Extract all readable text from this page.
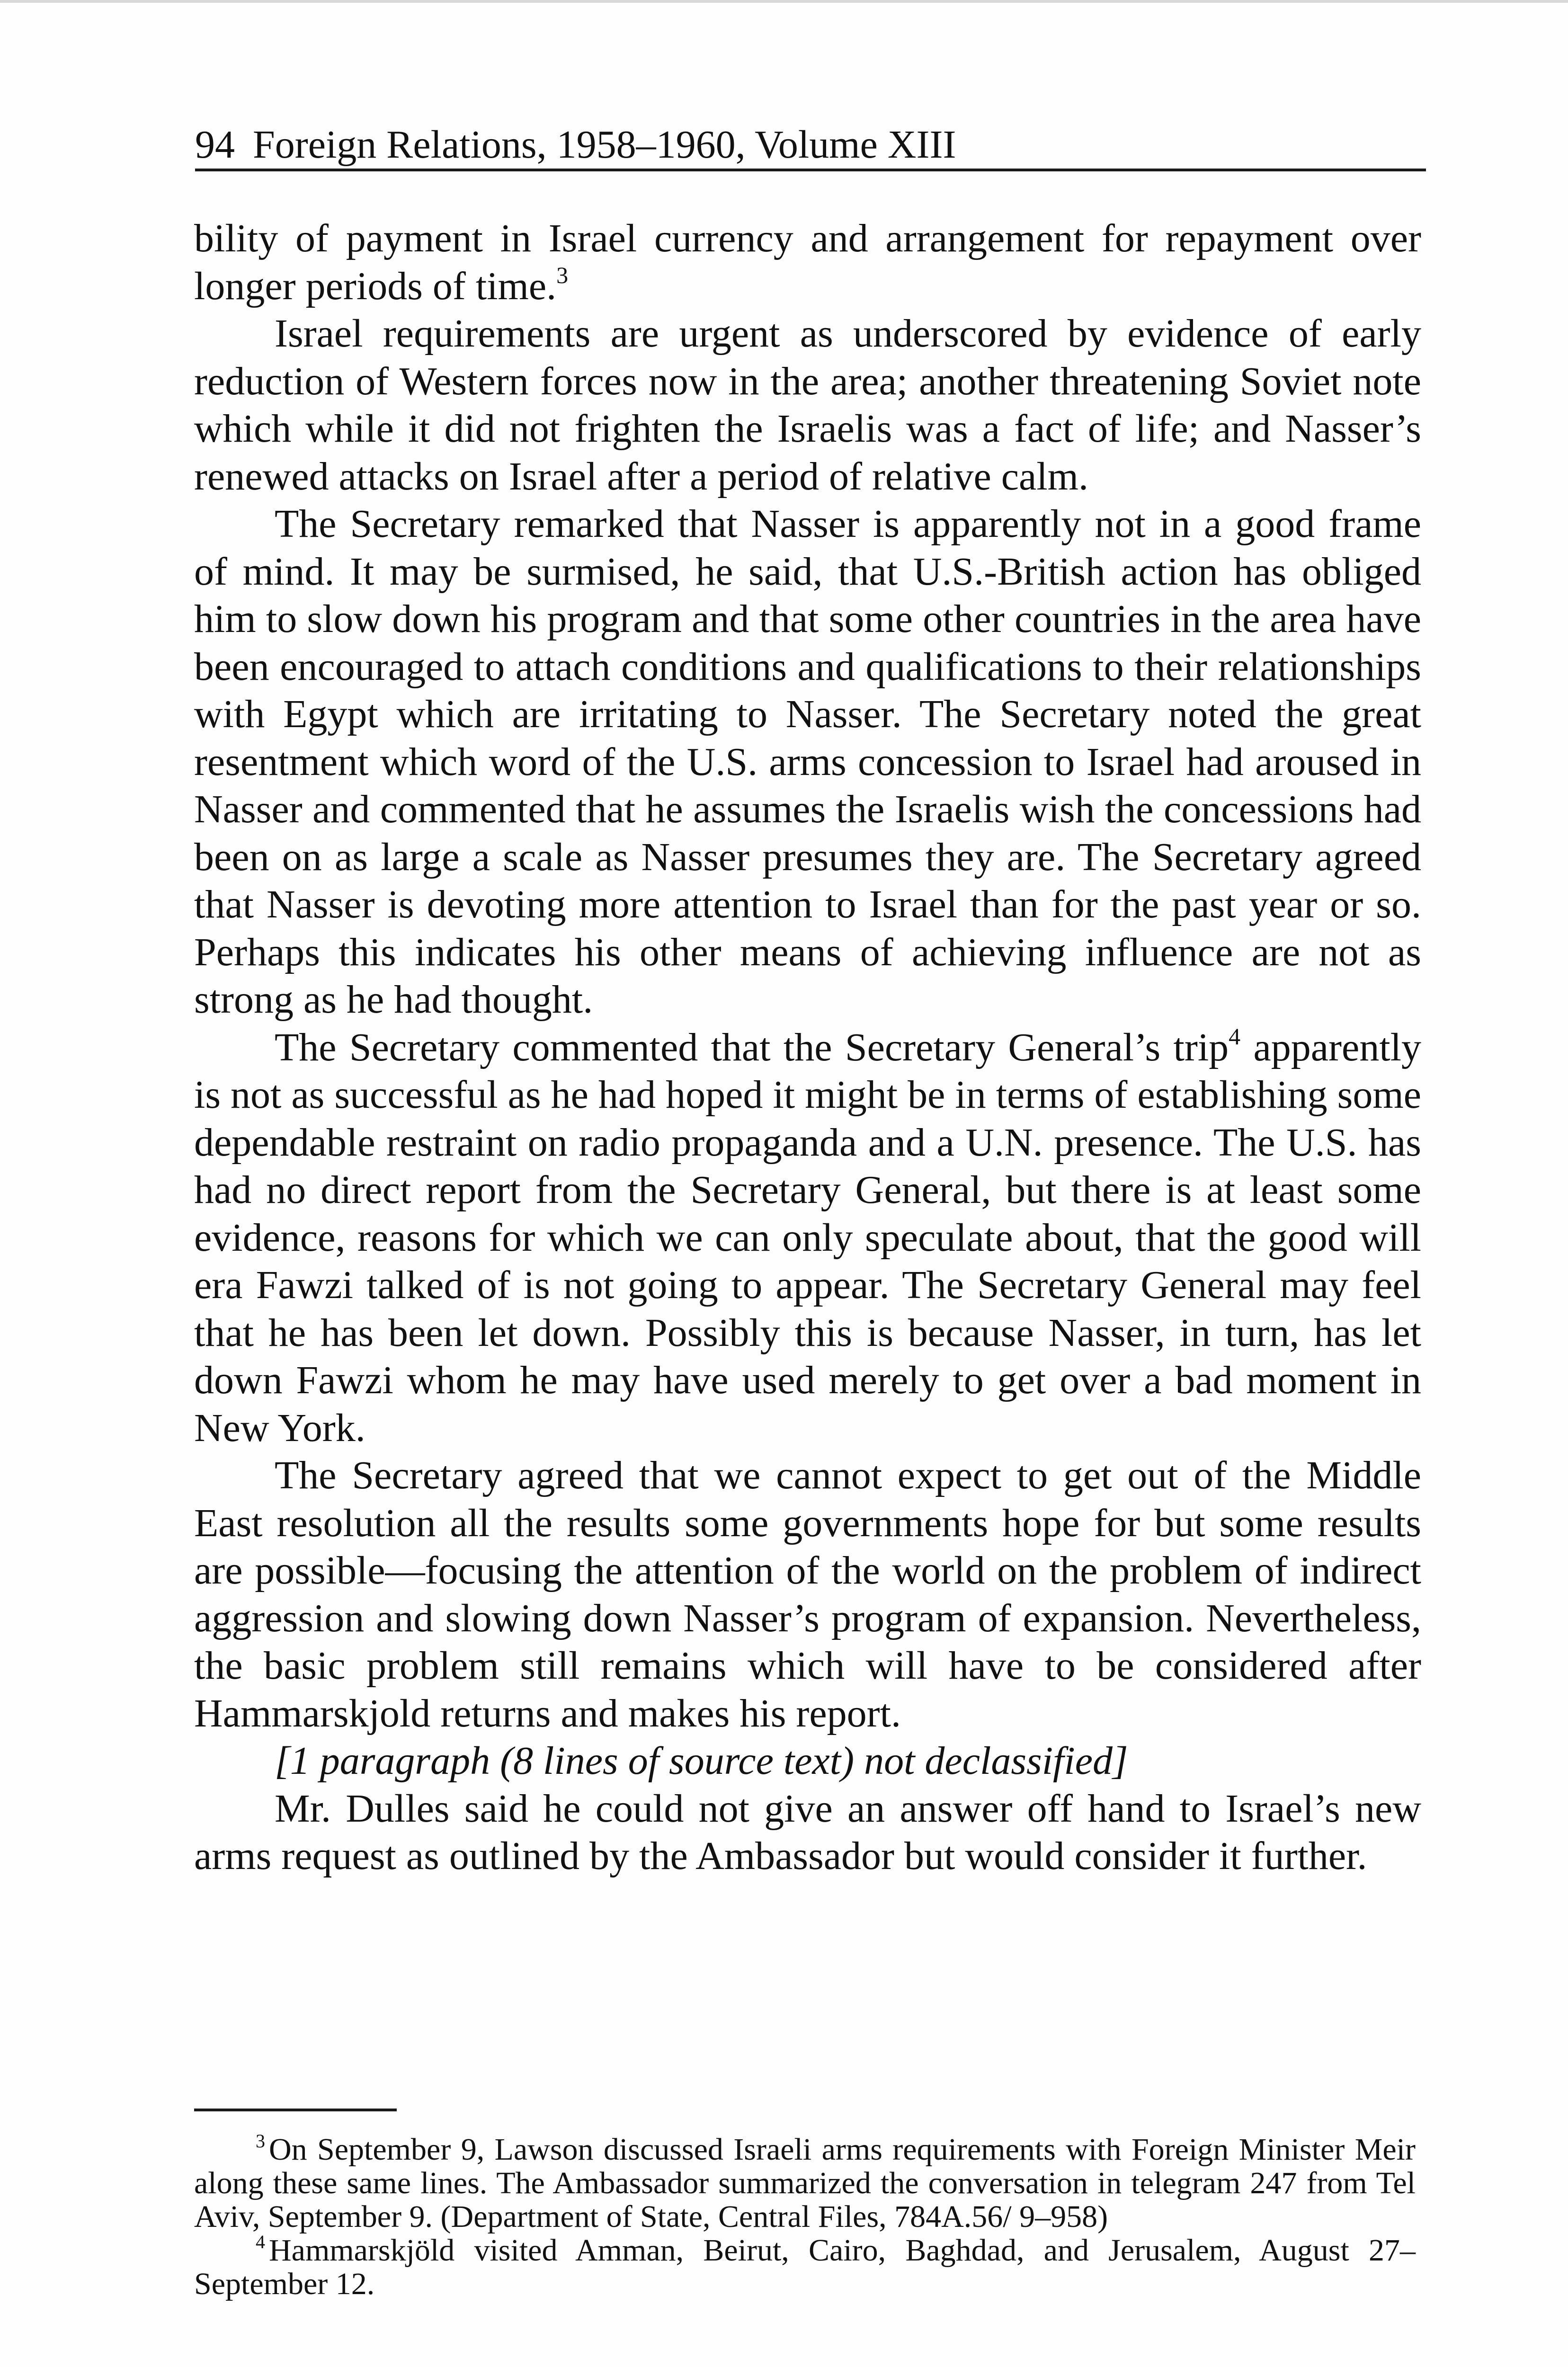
94 Foreign Relations, 1958–1960, Volume XIII

bility of payment in Israel currency and arrangement for repayment over longer periods of time.$^3$

Israel requirements are urgent as underscored by evidence of early reduction of Western forces now in the area; another threatening Soviet note which while it did not frighten the Israelis was a fact of life; and Nasser’s renewed attacks on Israel after a period of relative calm.

The Secretary remarked that Nasser is apparently not in a good frame of mind. It may be surmised, he said, that U.S.-British action has obliged him to slow down his program and that some other countries in the area have been encouraged to attach conditions and qualifications to their relationships with Egypt which are irritating to Nasser. The Secretary noted the great resentment which word of the U.S. arms concession to Israel had aroused in Nasser and commented that he assumes the Israelis wish the concessions had been on as large a scale as Nasser presumes they are. The Secretary agreed that Nasser is devoting more attention to Israel than for the past year or so. Perhaps this indicates his other means of achieving influence are not as strong as he had thought.

The Secretary commented that the Secretary General’s trip$^4$ apparently is not as successful as he had hoped it might be in terms of establishing some dependable restraint on radio propaganda and a U.N. presence. The U.S. has had no direct report from the Secretary General, but there is at least some evidence, reasons for which we can only speculate about, that the good will era Fawzi talked of is not going to appear. The Secretary General may feel that he has been let down. Possibly this is because Nasser, in turn, has let down Fawzi whom he may have used merely to get over a bad moment in New York.

The Secretary agreed that we cannot expect to get out of the Middle East resolution all the results some governments hope for but some results are possible—focusing the attention of the world on the problem of indirect aggression and slowing down Nasser’s program of expansion. Nevertheless, the basic problem still remains which will have to be considered after Hammarskjold returns and makes his report.

[1 paragraph (8 lines of source text) not declassified]

Mr. Dulles said he could not give an answer off hand to Israel’s new arms request as outlined by the Ambassador but would consider it further.

$^3$ On September 9, Lawson discussed Israeli arms requirements with Foreign Minister Meir along these same lines. The Ambassador summarized the conversation in telegram 247 from Tel Aviv, September 9. (Department of State, Central Files, 784A.56/ 9–958)

$^4$ Hammarskjöld visited Amman, Beirut, Cairo, Baghdad, and Jerusalem, August 27–September 12.
